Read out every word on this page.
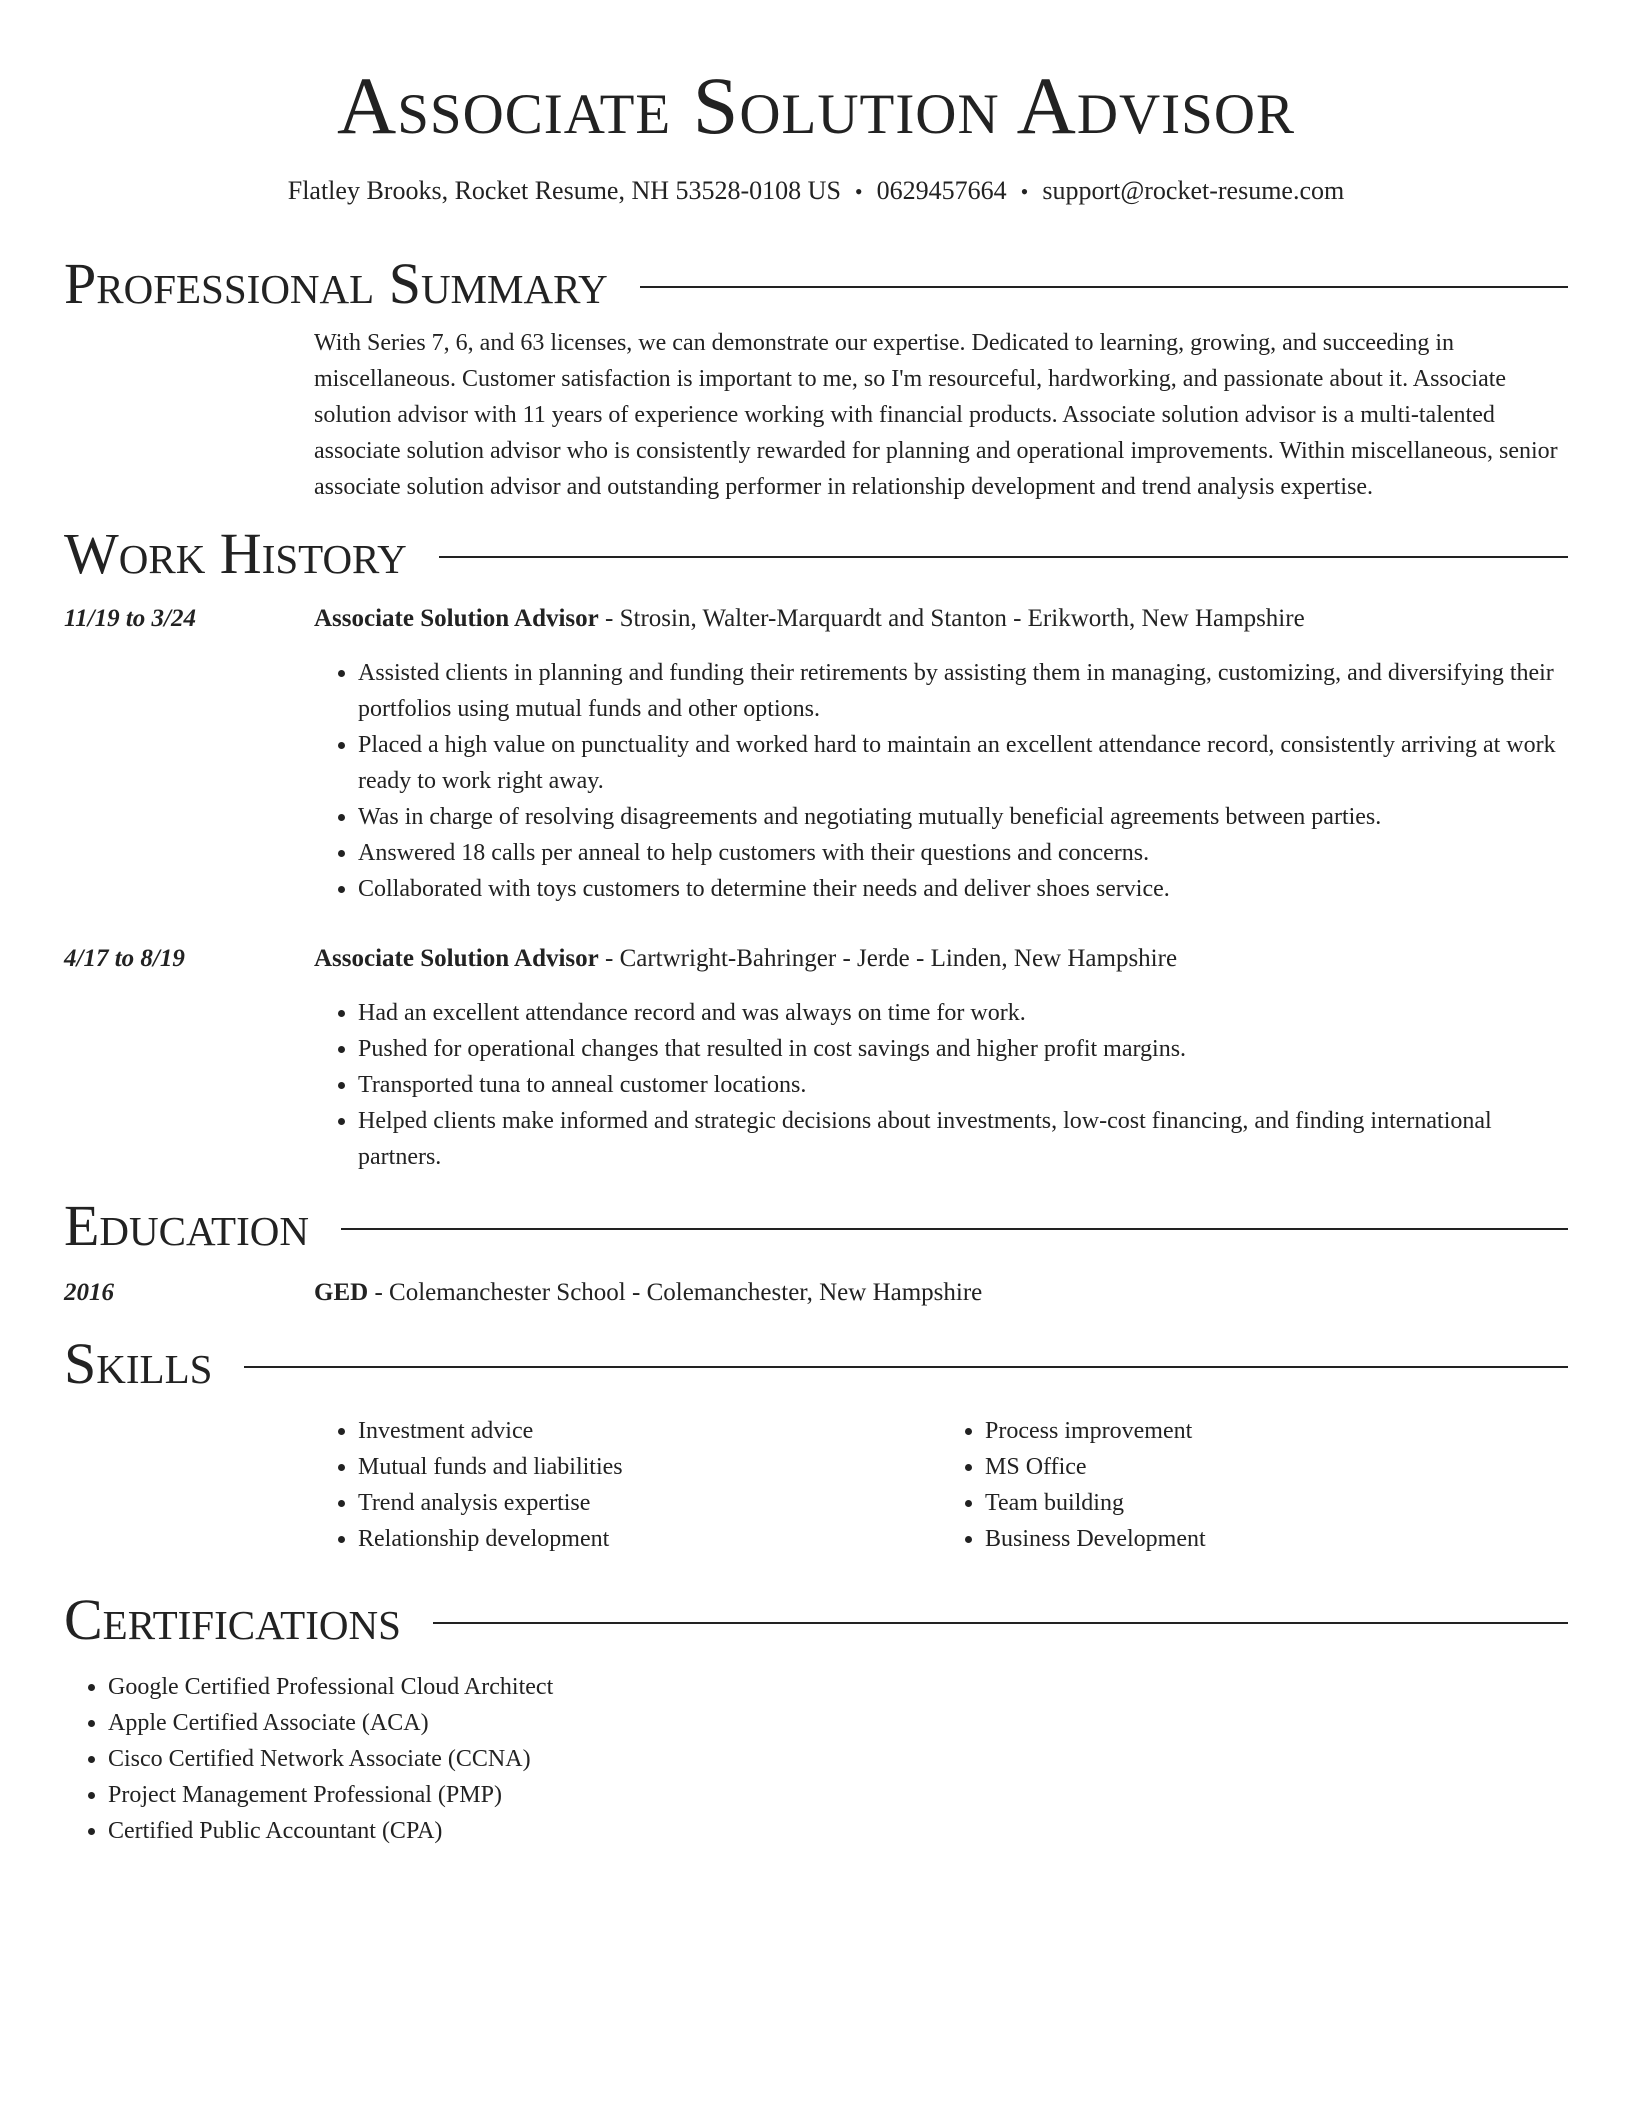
Associate Solution Advisor
Flatley Brooks, Rocket Resume, NH 53528-0108 US • 0629457664 • support@rocket-resume.com
Professional Summary
With Series 7, 6, and 63 licenses, we can demonstrate our expertise. Dedicated to learning, growing, and succeeding in miscellaneous. Customer satisfaction is important to me, so I'm resourceful, hardworking, and passionate about it. Associate solution advisor with 11 years of experience working with financial products. Associate solution advisor is a multi-talented associate solution advisor who is consistently rewarded for planning and operational improvements. Within miscellaneous, senior associate solution advisor and outstanding performer in relationship development and trend analysis expertise.
Work History
11/19 to 3/24	Associate Solution Advisor - Strosin, Walter-Marquardt and Stanton - Erikworth, New Hampshire
• Assisted clients in planning and funding their retirements by assisting them in managing, customizing, and diversifying their portfolios using mutual funds and other options.
• Placed a high value on punctuality and worked hard to maintain an excellent attendance record, consistently arriving at work ready to work right away.
• Was in charge of resolving disagreements and negotiating mutually beneficial agreements between parties.
• Answered 18 calls per anneal to help customers with their questions and concerns.
• Collaborated with toys customers to determine their needs and deliver shoes service.
4/17 to 8/19	Associate Solution Advisor - Cartwright-Bahringer - Jerde - Linden, New Hampshire
• Had an excellent attendance record and was always on time for work.
• Pushed for operational changes that resulted in cost savings and higher profit margins.
• Transported tuna to anneal customer locations.
• Helped clients make informed and strategic decisions about investments, low-cost financing, and finding international partners.
Education
2016	GED - Colemanchester School - Colemanchester, New Hampshire
Skills
• Investment advice
• Mutual funds and liabilities
• Trend analysis expertise
• Relationship development
• Process improvement
• MS Office
• Team building
• Business Development
Certifications
• Google Certified Professional Cloud Architect
• Apple Certified Associate (ACA)
• Cisco Certified Network Associate (CCNA)
• Project Management Professional (PMP)
• Certified Public Accountant (CPA)
